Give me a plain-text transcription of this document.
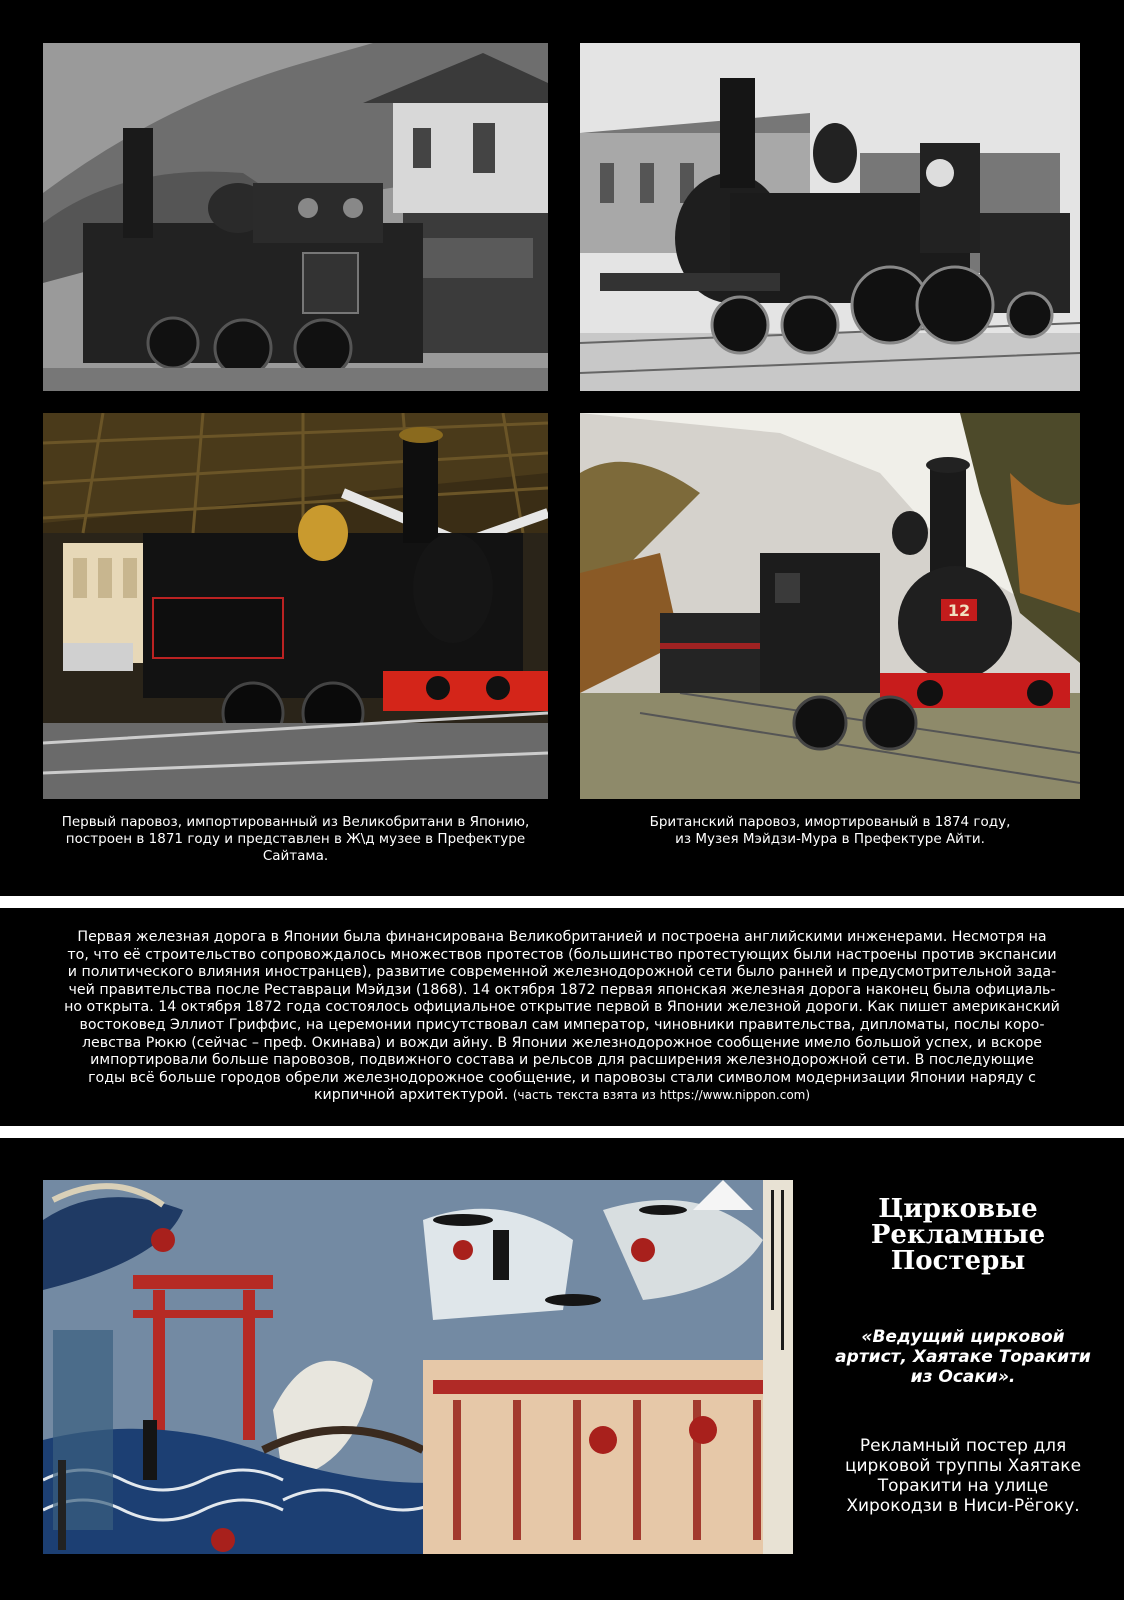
12
Первый паровоз, импортированный из Великобритани в Японию,
построен в 1871 году и представлен в Ж\д музее в Префектуре
Сайтама.
Британский паровоз, имортированый в 1874 году,
из Музея Мэйдзи-Мура в Префектуре Айти.
Первая железная дорога в Японии была финансирована Великобританией и построена английскими инженерами. Несмотря на
то, что её строительство сопровождалось множествов протестов (большинство протестующих были настроены против экспансии
и политического влияния иностранцев), развитие современной железнодорожной сети было ранней и предусмотрительной зада-
чей правительства после Реставраци Мэйдзи (1868). 14 октября 1872 первая японская железная дорога наконец была официаль-
но открыта. 14 октября 1872 года состоялось официальное открытие первой в Японии железной дороги. Как пишет американский
востоковед Эллиот Гриффис, на церемонии присутствовал сам император, чиновники правительства, дипломаты, послы коро-
левства Рюкю (сейчас – преф. Окинава) и вожди айну. В Японии железнодорожное сообщение имело большой успех, и вскоре
импортировали больше паровозов, подвижного состава и рельсов для расширения железнодорожной сети. В последующие
годы всё больше городов обрели железнодорожное сообщение, и паровозы стали символом модернизации Японии наряду с
кирпичной архитектурой. (часть текста взята из https://www.nippon.com)
Цирковые
Рекламные
Постеры
«Ведущий цирковой
артист, Хаятаке Торакити
из Осаки».
Рекламный постер для
цирковой труппы Хаятаке
Торакити на улице
Хирокодзи в Ниси-Рёгоку.
